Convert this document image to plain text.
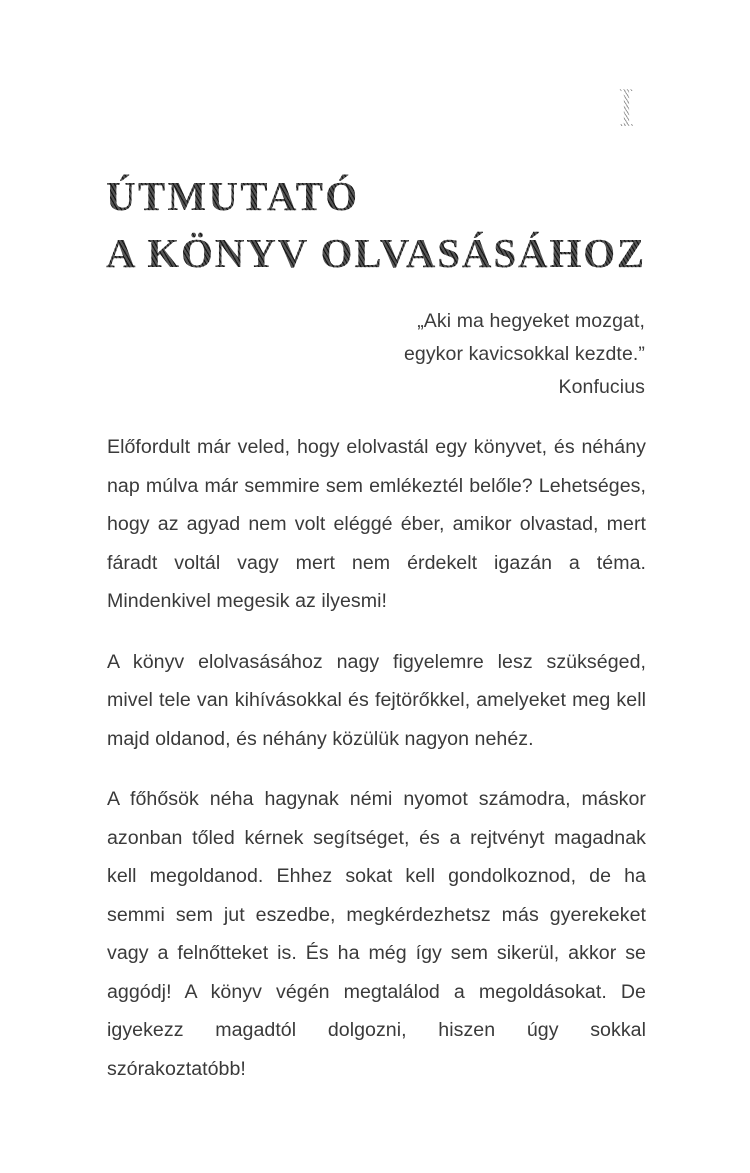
I
ÚTMUTATÓ
A KÖNYV OLVASÁSÁHOZ
„Aki ma hegyeket mozgat,
egykor kavicsokkal kezdte.”
Konfucius

Előfordult már veled, hogy elolvastál egy könyvet, és néhány nap múlva már semmire sem emlékeztél belőle? Lehetséges, hogy az agyad nem volt eléggé éber, amikor olvastad, mert fáradt voltál vagy mert nem érdekelt igazán a téma. Mindenkivel megesik az ilyesmi!

A könyv elolvasásához nagy figyelemre lesz szükséged, mivel tele van kihívásokkal és fejtörőkkel, amelyeket meg kell majd oldanod, és néhány közülük nagyon nehéz.

A főhősök néha hagynak némi nyomot számodra, máskor azonban tőled kérnek segítséget, és a rejtvényt magadnak kell megoldanod. Ehhez sokat kell gondolkoznod, de ha semmi sem jut eszedbe, megkérdezhetsz más gyerekeket vagy a felnőtteket is. És ha még így sem sikerül, akkor se aggódj! A könyv végén megtalálod a megoldásokat. De igyekezz magadtól dolgozni, hiszen úgy sokkal szórakoztatóbb!
